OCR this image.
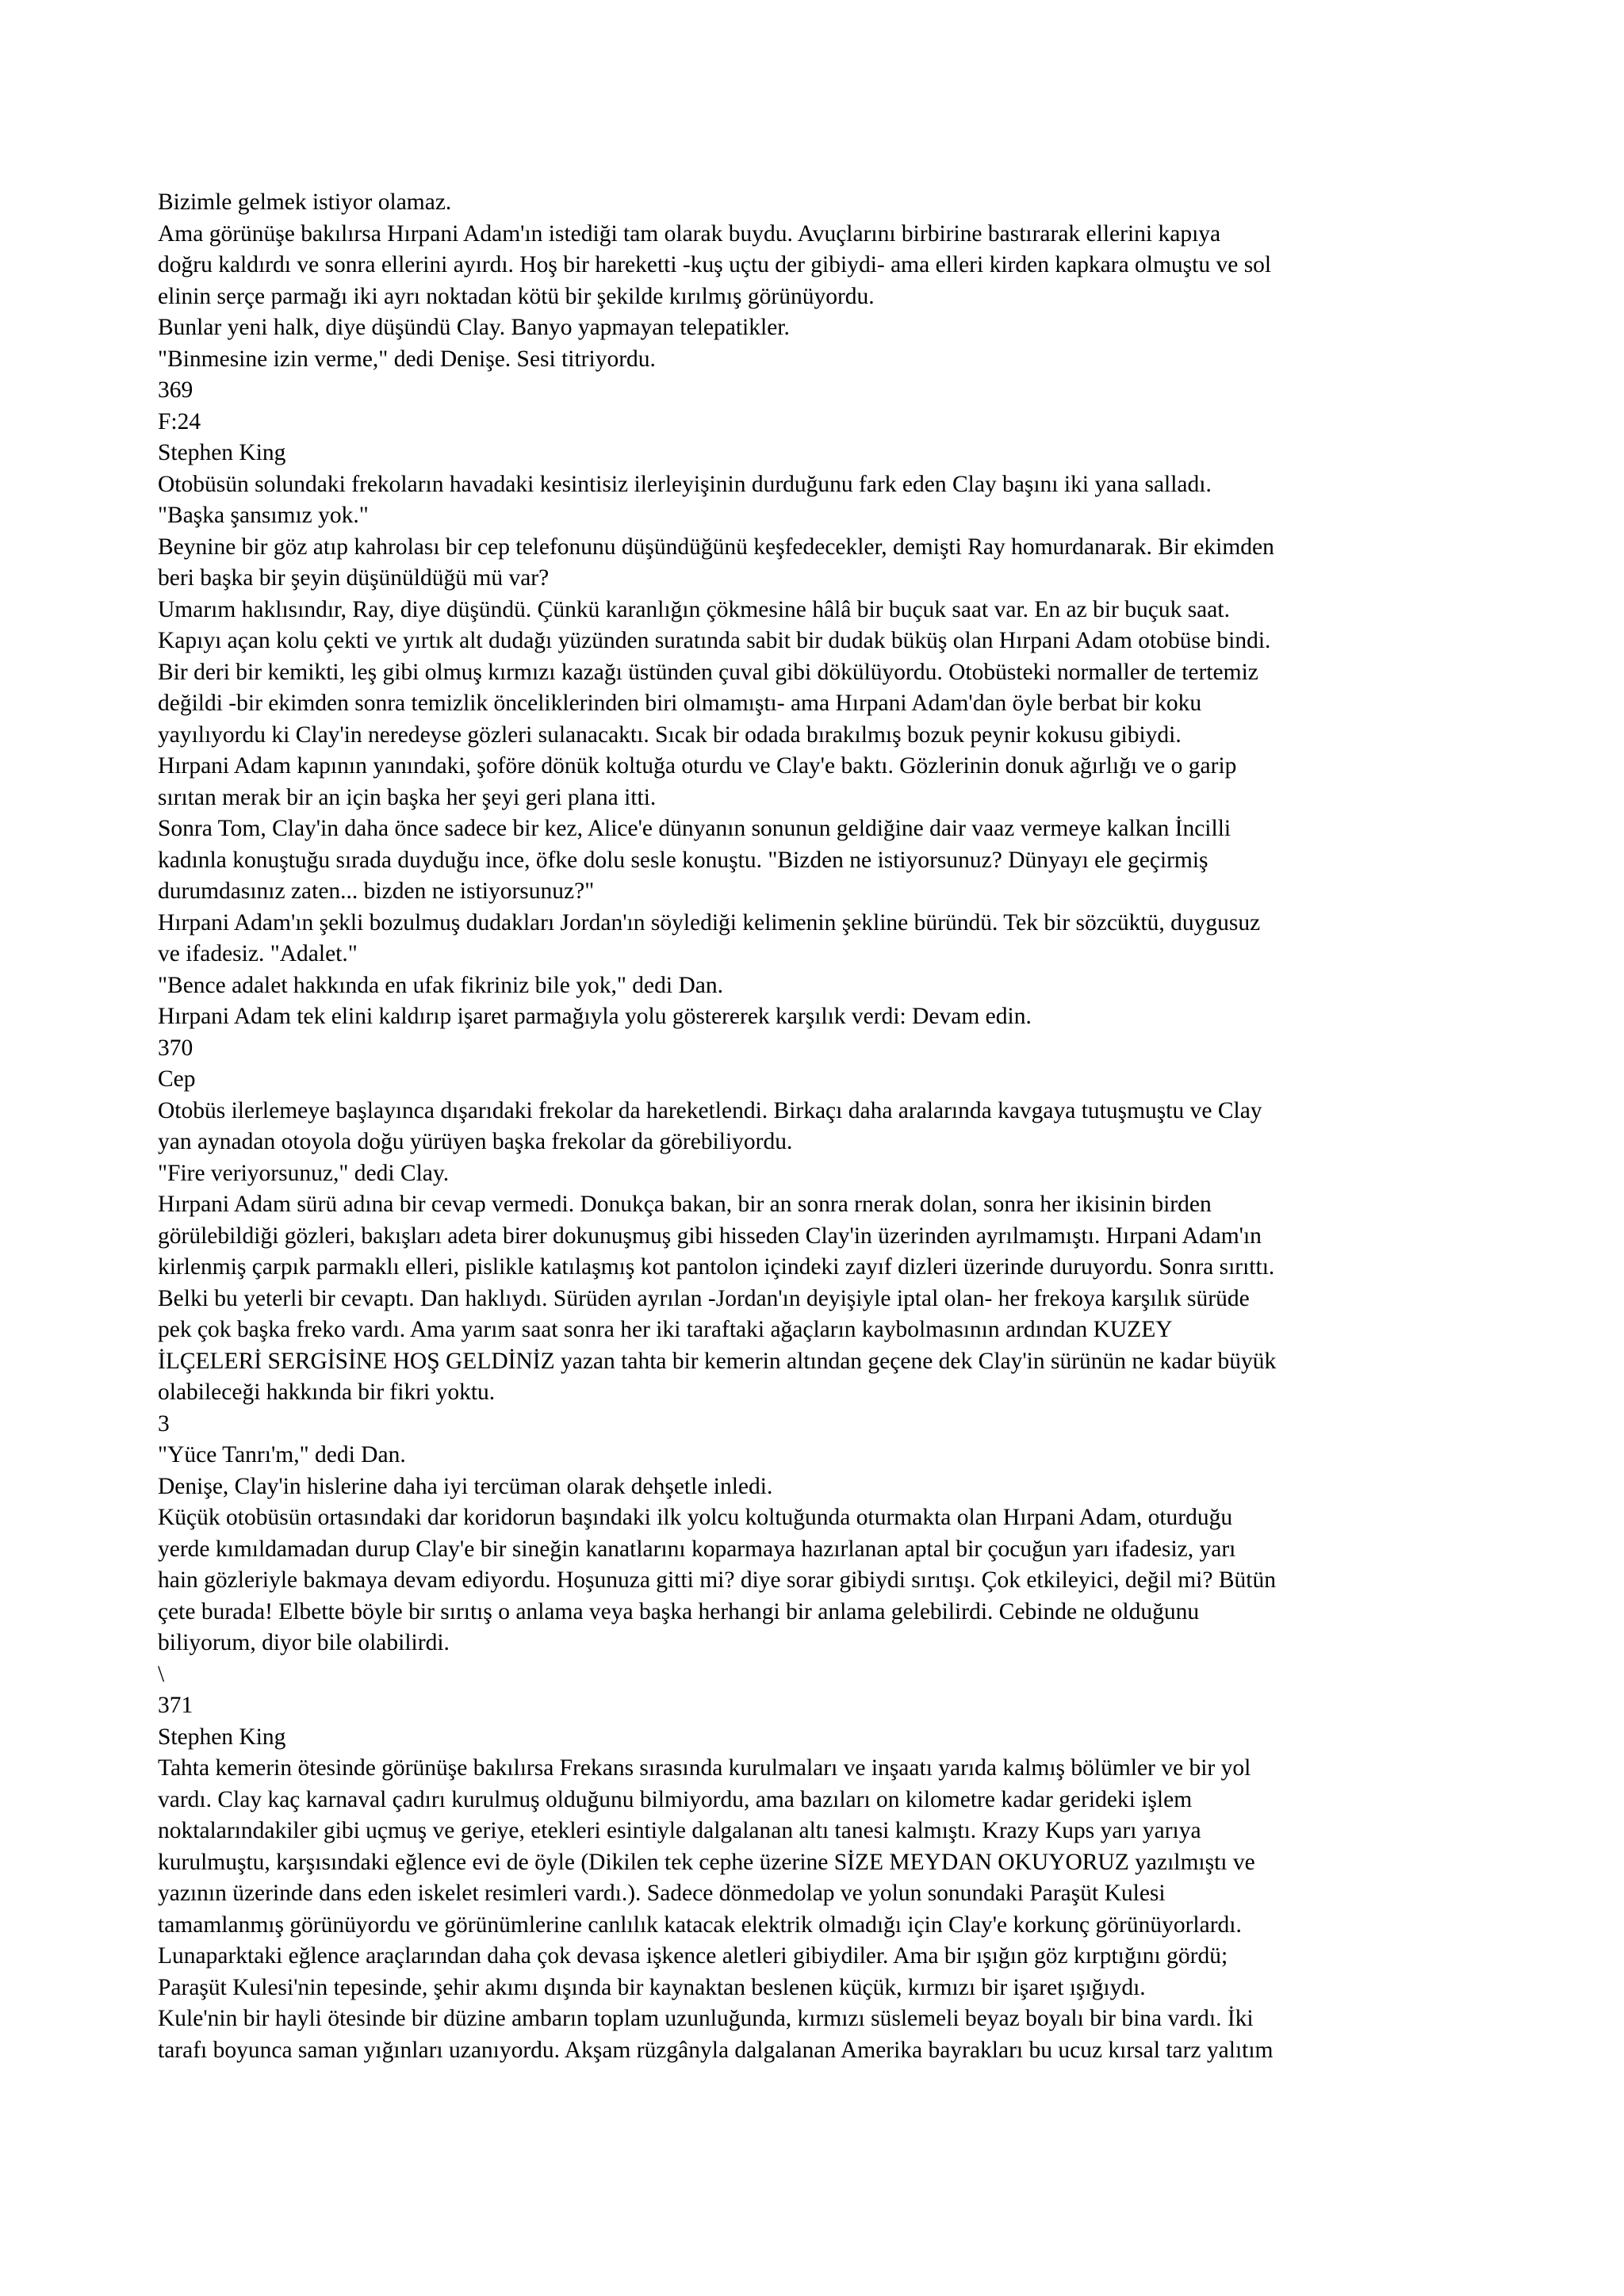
Bizimle gelmek istiyor olamaz.
Ama görünüşe bakılırsa Hırpani Adam'ın istediği tam olarak buydu. Avuçlarını birbirine bastırarak ellerini kapıya
doğru kaldırdı ve sonra ellerini ayırdı. Hoş bir hareketti -kuş uçtu der gibiydi- ama elleri kirden kapkara olmuştu ve sol
elinin serçe parmağı iki ayrı noktadan kötü bir şekilde kırılmış görünüyordu.
Bunlar yeni halk, diye düşündü Clay. Banyo yapmayan telepatikler.
"Binmesine izin verme," dedi Denişe. Sesi titriyordu.
369
F:24
Stephen King
Otobüsün solundaki frekoların havadaki kesintisiz ilerleyişinin durduğunu fark eden Clay başını iki yana salladı.
"Başka şansımız yok."
Beynine bir göz atıp kahrolası bir cep telefonunu düşündüğünü keşfedecekler, demişti Ray homurdanarak. Bir ekimden
beri başka bir şeyin düşünüldüğü mü var?
Umarım haklısındır, Ray, diye düşündü. Çünkü karanlığın çökmesine hâlâ bir buçuk saat var. En az bir buçuk saat.
Kapıyı açan kolu çekti ve yırtık alt dudağı yüzünden suratında sabit bir dudak büküş olan Hırpani Adam otobüse bindi.
Bir deri bir kemikti, leş gibi olmuş kırmızı kazağı üstünden çuval gibi dökülüyordu. Otobüsteki normaller de tertemiz
değildi -bir ekimden sonra temizlik önceliklerinden biri olmamıştı- ama Hırpani Adam'dan öyle berbat bir koku
yayılıyordu ki Clay'in neredeyse gözleri sulanacaktı. Sıcak bir odada bırakılmış bozuk peynir kokusu gibiydi.
Hırpani Adam kapının yanındaki, şoföre dönük koltuğa oturdu ve Clay'e baktı. Gözlerinin donuk ağırlığı ve o garip
sırıtan merak bir an için başka her şeyi geri plana itti.
Sonra Tom, Clay'in daha önce sadece bir kez, Alice'e dünyanın sonunun geldiğine dair vaaz vermeye kalkan İncilli
kadınla konuştuğu sırada duyduğu ince, öfke dolu sesle konuştu. "Bizden ne istiyorsunuz? Dünyayı ele geçirmiş
durumdasınız zaten... bizden ne istiyorsunuz?"
Hırpani Adam'ın şekli bozulmuş dudakları Jordan'ın söylediği kelimenin şekline büründü. Tek bir sözcüktü, duygusuz
ve ifadesiz. "Adalet."
"Bence adalet hakkında en ufak fikriniz bile yok," dedi Dan.
Hırpani Adam tek elini kaldırıp işaret parmağıyla yolu göstererek karşılık verdi: Devam edin.
370
Cep
Otobüs ilerlemeye başlayınca dışarıdaki frekolar da hareketlendi. Birkaçı daha aralarında kavgaya tutuşmuştu ve Clay
yan aynadan otoyola doğu yürüyen başka frekolar da görebiliyordu.
"Fire veriyorsunuz," dedi Clay.
Hırpani Adam sürü adına bir cevap vermedi. Donukça bakan, bir an sonra rnerak dolan, sonra her ikisinin birden
görülebildiği gözleri, bakışları adeta birer dokunuşmuş gibi hisseden Clay'in üzerinden ayrılmamıştı. Hırpani Adam'ın
kirlenmiş çarpık parmaklı elleri, pislikle katılaşmış kot pantolon içindeki zayıf dizleri üzerinde duruyordu. Sonra sırıttı.
Belki bu yeterli bir cevaptı. Dan haklıydı. Sürüden ayrılan -Jordan'ın deyişiyle iptal olan- her frekoya karşılık sürüde
pek çok başka freko vardı. Ama yarım saat sonra her iki taraftaki ağaçların kaybolmasının ardından KUZEY
İLÇELERİ SERGİSİNE HOŞ GELDİNİZ yazan tahta bir kemerin altından geçene dek Clay'in sürünün ne kadar büyük
olabileceği hakkında bir fikri yoktu.
3
"Yüce Tanrı'm," dedi Dan.
Denişe, Clay'in hislerine daha iyi tercüman olarak dehşetle inledi.
Küçük otobüsün ortasındaki dar koridorun başındaki ilk yolcu koltuğunda oturmakta olan Hırpani Adam, oturduğu
yerde kımıldamadan durup Clay'e bir sineğin kanatlarını koparmaya hazırlanan aptal bir çocuğun yarı ifadesiz, yarı
hain gözleriyle bakmaya devam ediyordu. Hoşunuza gitti mi? diye sorar gibiydi sırıtışı. Çok etkileyici, değil mi? Bütün
çete burada! Elbette böyle bir sırıtış o anlama veya başka herhangi bir anlama gelebilirdi. Cebinde ne olduğunu
biliyorum, diyor bile olabilirdi.
\
371
Stephen King
Tahta kemerin ötesinde görünüşe bakılırsa Frekans sırasında kurulmaları ve inşaatı yarıda kalmış bölümler ve bir yol
vardı. Clay kaç karnaval çadırı kurulmuş olduğunu bilmiyordu, ama bazıları on kilometre kadar gerideki işlem
noktalarındakiler gibi uçmuş ve geriye, etekleri esintiyle dalgalanan altı tanesi kalmıştı. Krazy Kups yarı yarıya
kurulmuştu, karşısındaki eğlence evi de öyle (Dikilen tek cephe üzerine SİZE MEYDAN OKUYORUZ yazılmıştı ve
yazının üzerinde dans eden iskelet resimleri vardı.). Sadece dönmedolap ve yolun sonundaki Paraşüt Kulesi
tamamlanmış görünüyordu ve görünümlerine canlılık katacak elektrik olmadığı için Clay'e korkunç görünüyorlardı.
Lunaparktaki eğlence araçlarından daha çok devasa işkence aletleri gibiydiler. Ama bir ışığın göz kırptığını gördü;
Paraşüt Kulesi'nin tepesinde, şehir akımı dışında bir kaynaktan beslenen küçük, kırmızı bir işaret ışığıydı.
Kule'nin bir hayli ötesinde bir düzine ambarın toplam uzunluğunda, kırmızı süslemeli beyaz boyalı bir bina vardı. İki
tarafı boyunca saman yığınları uzanıyordu. Akşam rüzgânyla dalgalanan Amerika bayrakları bu ucuz kırsal tarz yalıtım
